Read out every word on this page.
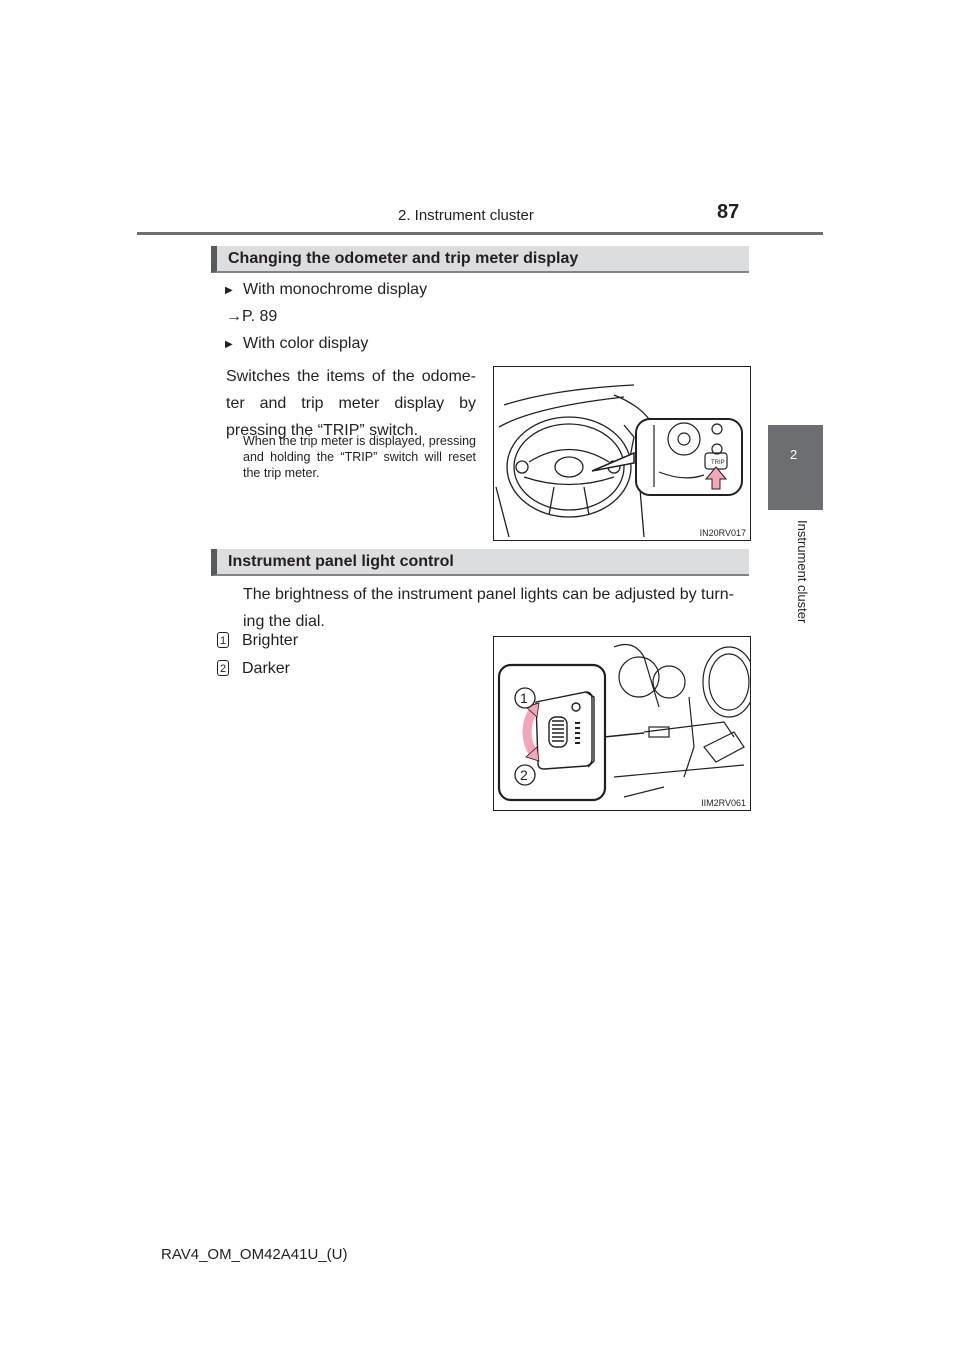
2. Instrument cluster	87
2
Instrument cluster
Changing the odometer and trip meter display
▶ With monochrome display
→P. 89
▶ With color display
Switches the items of the odome-ter and trip meter display by pressing the “TRIP” switch.
When the trip meter is displayed, pressing and holding the “TRIP” switch will reset the trip meter.
TRIP
IN20RV017
Instrument panel light control
The brightness of the instrument panel lights can be adjusted by turn-ing the dial.
1 Brighter
2 Darker
1
2
IIM2RV061
RAV4_OM_OM42A41U_(U)
